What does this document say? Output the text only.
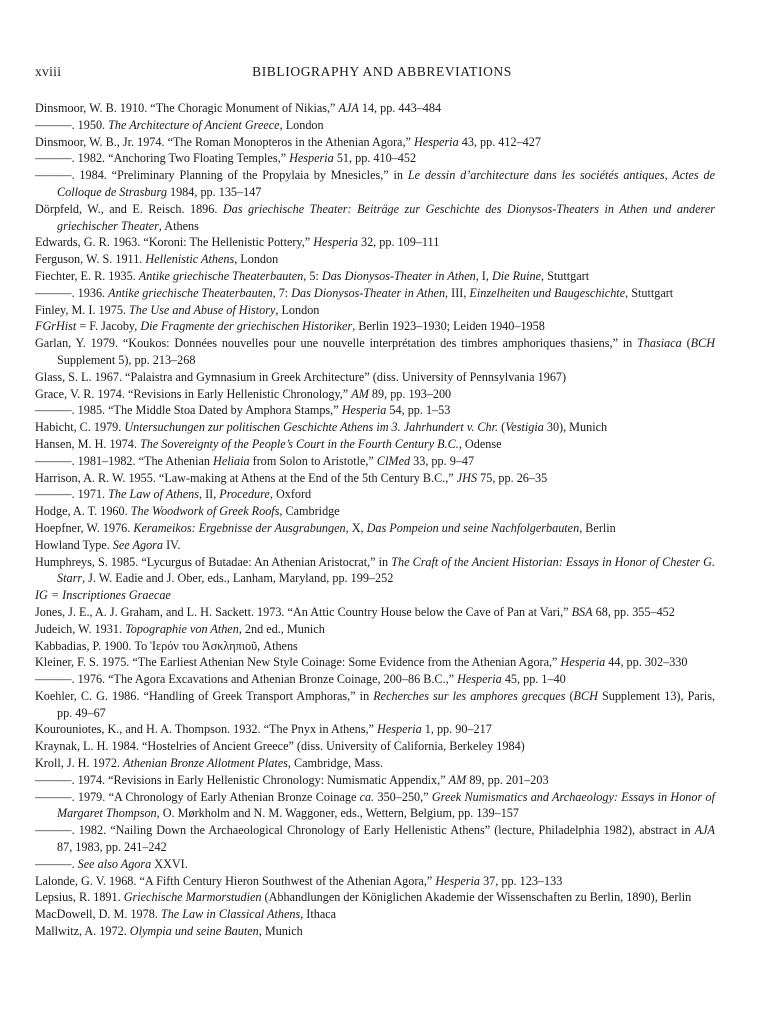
xviii	BIBLIOGRAPHY AND ABBREVIATIONS
Dinsmoor, W. B. 1910. “The Choragic Monument of Nikias,” AJA 14, pp. 443–484
———. 1950. The Architecture of Ancient Greece, London
Dinsmoor, W. B., Jr. 1974. “The Roman Monopteros in the Athenian Agora,” Hesperia 43, pp. 412–427
———. 1982. “Anchoring Two Floating Temples,” Hesperia 51, pp. 410–452
———. 1984. “Preliminary Planning of the Propylaia by Mnesicles,” in Le dessin d’architecture dans les sociétés antiques, Actes de Colloque de Strasburg 1984, pp. 135–147
Dörpfeld, W., and E. Reisch. 1896. Das griechische Theater: Beiträge zur Geschichte des Dionysos-Theaters in Athen und anderer griechischer Theater, Athens
Edwards, G. R. 1963. “Koroni: The Hellenistic Pottery,” Hesperia 32, pp. 109–111
Ferguson, W. S. 1911. Hellenistic Athens, London
Fiechter, E. R. 1935. Antike griechische Theaterbauten, 5: Das Dionysos-Theater in Athen, I, Die Ruine, Stuttgart
———. 1936. Antike griechische Theaterbauten, 7: Das Dionysos-Theater in Athen, III, Einzelheiten und Baugeschichte, Stuttgart
Finley, M. I. 1975. The Use and Abuse of History, London
FGrHist = F. Jacoby, Die Fragmente der griechischen Historiker, Berlin 1923–1930; Leiden 1940–1958
Garlan, Y. 1979. “Koukos: Données nouvelles pour une nouvelle interprétation des timbres amphoriques thasiens,” in Thasiaca (BCH Supplement 5), pp. 213–268
Glass, S. L. 1967. “Palaistra and Gymnasium in Greek Architecture” (diss. University of Pennsylvania 1967)
Grace, V. R. 1974. “Revisions in Early Hellenistic Chronology,” AM 89, pp. 193–200
———. 1985. “The Middle Stoa Dated by Amphora Stamps,” Hesperia 54, pp. 1–53
Habicht, C. 1979. Untersuchungen zur politischen Geschichte Athens im 3. Jahrhundert v. Chr. (Vestigia 30), Munich
Hansen, M. H. 1974. The Sovereignty of the People’s Court in the Fourth Century B.C., Odense
———. 1981–1982. “The Athenian Heliaia from Solon to Aristotle,” ClMed 33, pp. 9–47
Harrison, A. R. W. 1955. “Law-making at Athens at the End of the 5th Century B.C.,” JHS 75, pp. 26–35
———. 1971. The Law of Athens, II, Procedure, Oxford
Hodge, A. T. 1960. The Woodwork of Greek Roofs, Cambridge
Hoepfner, W. 1976. Kerameikos: Ergebnisse der Ausgrabungen, X, Das Pompeion und seine Nachfolgerbauten, Berlin
Howland Type. See Agora IV.
Humphreys, S. 1985. “Lycurgus of Butadae: An Athenian Aristocrat,” in The Craft of the Ancient Historian: Essays in Honor of Chester G. Starr, J. W. Eadie and J. Ober, eds., Lanham, Maryland, pp. 199–252
IG = Inscriptiones Graecae
Jones, J. E., A. J. Graham, and L. H. Sackett. 1973. “An Attic Country House below the Cave of Pan at Vari,” BSA 68, pp. 355–452
Judeich, W. 1931. Topographie von Athen, 2nd ed., Munich
Kabbadias, P. 1900. Το Ἱερόν του Ἀσκληπιοῦ, Athens
Kleiner, F. S. 1975. “The Earliest Athenian New Style Coinage: Some Evidence from the Athenian Agora,” Hesperia 44, pp. 302–330
———. 1976. “The Agora Excavations and Athenian Bronze Coinage, 200–86 B.C.,” Hesperia 45, pp. 1–40
Koehler, C. G. 1986. “Handling of Greek Transport Amphoras,” in Recherches sur les amphores grecques (BCH Supplement 13), Paris, pp. 49–67
Kourouniotes, K., and H. A. Thompson. 1932. “The Pnyx in Athens,” Hesperia 1, pp. 90–217
Kraynak, L. H. 1984. “Hostelries of Ancient Greece” (diss. University of California, Berkeley 1984)
Kroll, J. H. 1972. Athenian Bronze Allotment Plates, Cambridge, Mass.
———. 1974. “Revisions in Early Hellenistic Chronology: Numismatic Appendix,” AM 89, pp. 201–203
———. 1979. “A Chronology of Early Athenian Bronze Coinage ca. 350–250,” Greek Numismatics and Archaeology: Essays in Honor of Margaret Thompson, O. Mørkholm and N. M. Waggoner, eds., Wettern, Belgium, pp. 139–157
———. 1982. “Nailing Down the Archaeological Chronology of Early Hellenistic Athens” (lecture, Philadelphia 1982), abstract in AJA 87, 1983, pp. 241–242
———. See also Agora XXVI.
Lalonde, G. V. 1968. “A Fifth Century Hieron Southwest of the Athenian Agora,” Hesperia 37, pp. 123–133
Lepsius, R. 1891. Griechische Marmorstudien (Abhandlungen der Königlichen Akademie der Wissenschaften zu Berlin, 1890), Berlin
MacDowell, D. M. 1978. The Law in Classical Athens, Ithaca
Mallwitz, A. 1972. Olympia und seine Bauten, Munich
